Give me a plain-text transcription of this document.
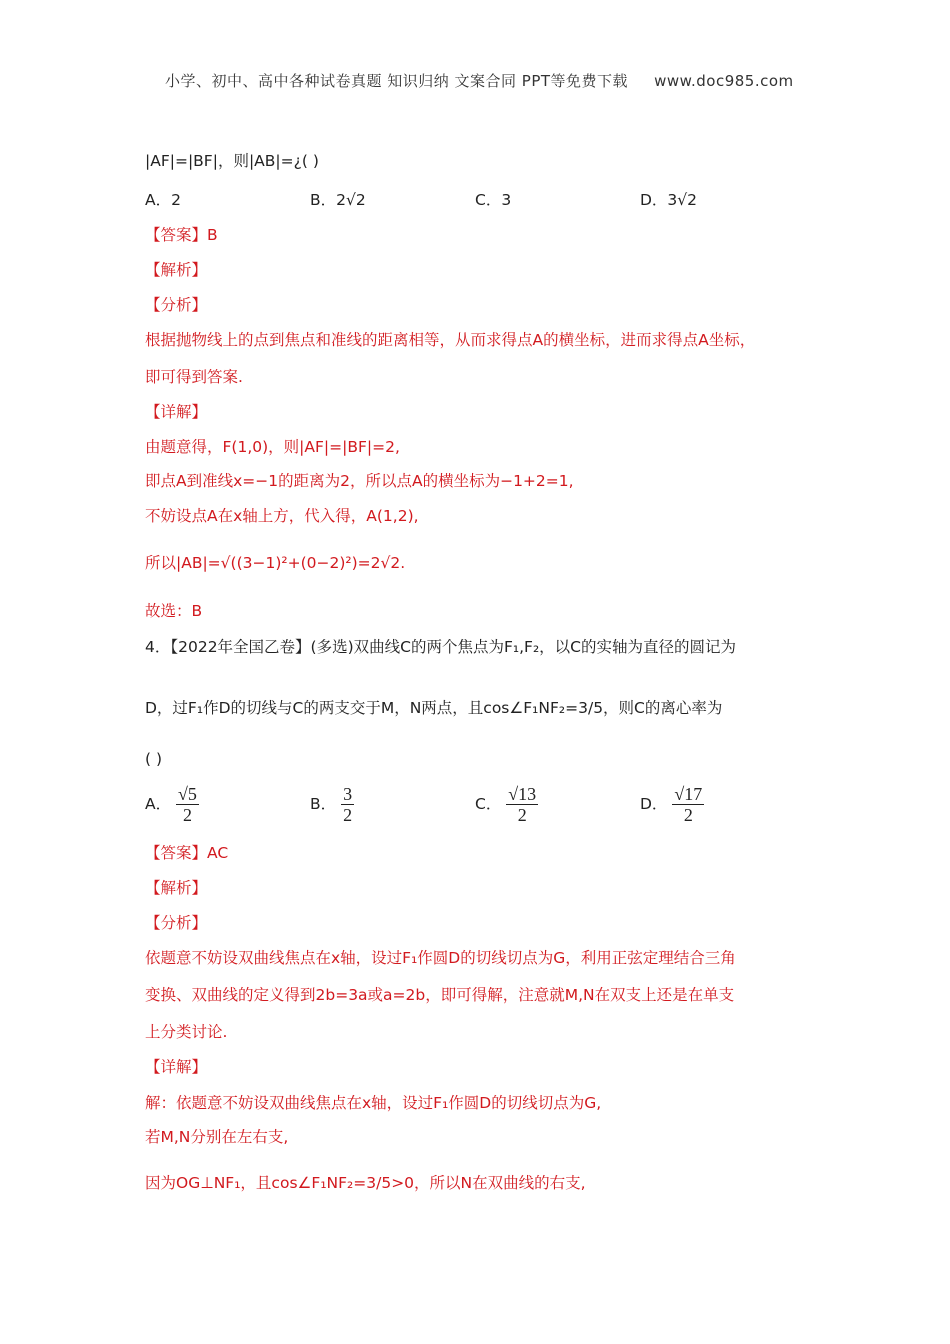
小学、初中、高中各种试卷真题 知识归纳 文案合同 PPT等免费下载 www.doc985.com
|AF|=|BF|，则|AB|=¿( )
A．2	B．2√2	C．3	D．3√2
【答案】B
【解析】
【分析】
根据抛物线上的点到焦点和准线的距离相等，从而求得点A的横坐标，进而求得点A坐标，
即可得到答案.
【详解】
由题意得，F(1,0)，则|AF|=|BF|=2,
即点A到准线x=−1的距离为2，所以点A的横坐标为−1+2=1,
不妨设点A在x轴上方，代入得，A(1,2),
所以|AB|=√((3−1)²+(0−2)²)=2√2.
故选：B
4．【2022年全国乙卷】(多选)双曲线C的两个焦点为F₁,F₂，以C的实轴为直径的圆记为
D，过F₁作D的切线与C的两支交于M，N两点，且cos∠F₁NF₂=3/5，则C的离心率为
( )
A． $\frac{√5}{2}$	B． $\frac{3}{2}$	C． $\frac{√13}{2}$	D． $\frac{√17}{2}$
【答案】AC
【解析】
【分析】
依题意不妨设双曲线焦点在x轴，设过F₁作圆D的切线切点为G，利用正弦定理结合三角
变换、双曲线的定义得到2b=3a或a=2b，即可得解，注意就M,N在双支上还是在单支
上分类讨论.
【详解】
解：依题意不妨设双曲线焦点在x轴，设过F₁作圆D的切线切点为G,
若M,N分别在左右支,
因为OG⊥NF₁，且cos∠F₁NF₂=3/5>0，所以N在双曲线的右支,
